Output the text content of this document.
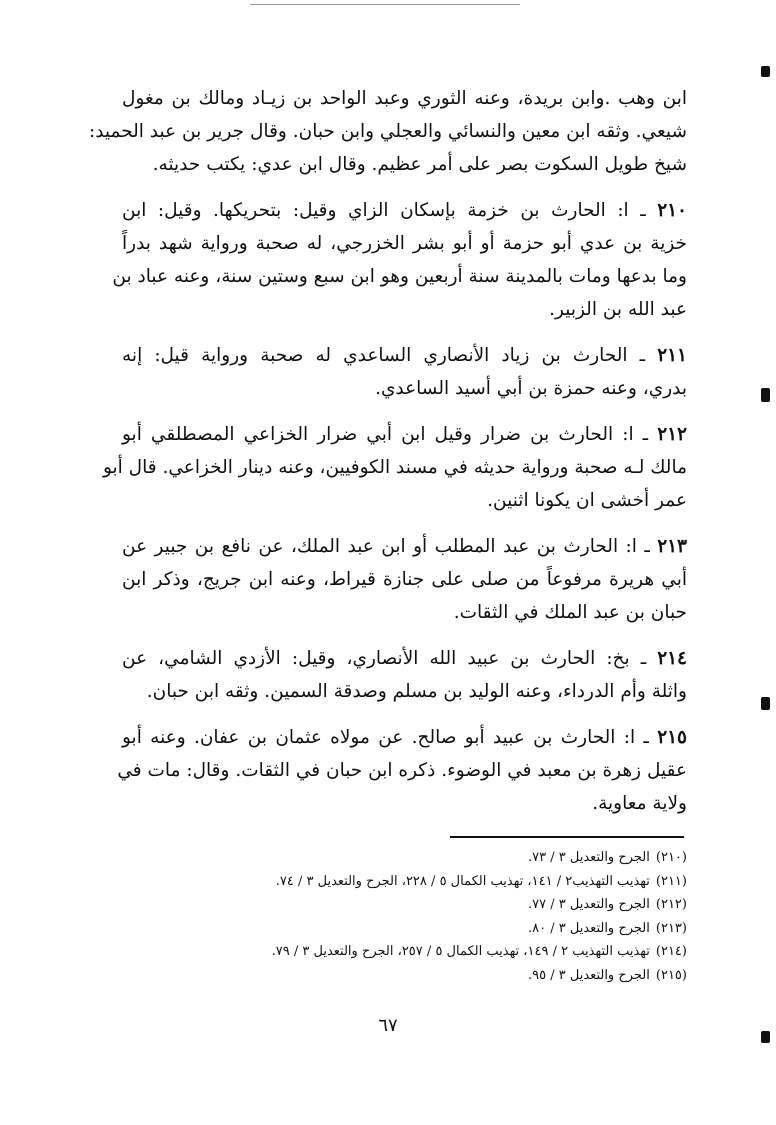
ابن وهب .وابن بريدة، وعنه الثوري وعبد الواحد بن زيـاد ومالك بن مغول
شيعي. وثقه ابن معين والنسائي والعجلي وابن حبان. وقال جرير بن عبد الحميد:
شيخ طويل السكوت بصر على أمر عظيم. وقال ابن عدي: يكتب حديثه.
٢١٠ ـ ا: الحارث بن خزمة بإسكان الزاي وقيل: بتحريكها. وقيل: ابن
خزية بن عدي أبو حزمة أو أبو بشر الخزرجي، له صحبة ورواية شهد بدراً
وما بدعها ومات بالمدينة سنة أربعين وهو ابن سبع وستين سنة، وعنه عباد بن
عبد الله بن الزبير.
٢١١ ـ الحارث بن زياد الأنصاري الساعدي له صحبة ورواية قيل: إنه
بدري، وعنه حمزة بن أبي أسيد الساعدي.
٢١٢ ـ ا: الحارث بن ضرار وقيل ابن أبي ضرار الخزاعي المصطلقي أبو
مالك لـه صحبة ورواية حديثه في مسند الكوفيين، وعنه دينار الخزاعي. قال أبو
عمر أخشى ان يكونا اثنين.
٢١٣ ـ ا: الحارث بن عبد المطلب أو ابن عبد الملك، عن نافع بن جبير عن
أبي هريرة مرفوعاً من صلى على جنازة قيراط، وعنه ابن جريج، وذكر ابن
حبان بن عبد الملك في الثقات.
٢١٤ ـ بخ: الحارث بن عبيد الله الأنصاري، وقيل: الأزدي الشامي، عن
واثلة وأم الدرداء، وعنه الوليد بن مسلم وصدقة السمين. وثقه ابن حبان.
٢١٥ ـ ا: الحارث بن عبيد أبو صالح. عن مولاه عثمان بن عفان. وعنه أبو
عقيل زهرة بن معبد في الوضوء. ذكره ابن حبان في الثقات. وقال: مات في
ولاية معاوية.
(٢١٠)الجرح والتعديل ٣ / ٧٣.
(٢١١)تهذيب التهذيب٢ / ١٤١، تهذيب الكمال ٥ / ٢٢٨، الجرح والتعديل ٣ / ٧٤.
(٢١٢)الجرح والتعديل ٣ / ٧٧.
(٢١٣)الجرح والتعديل ٣ / ٨٠.
(٢١٤)تهذيب التهذيب ٢ / ١٤٩، تهذيب الكمال ٥ / ٢٥٧، الجرح والتعديل ٣ / ٧٩.
(٢١٥)الجرح والتعديل ٣ / ٩٥.
٦٧
